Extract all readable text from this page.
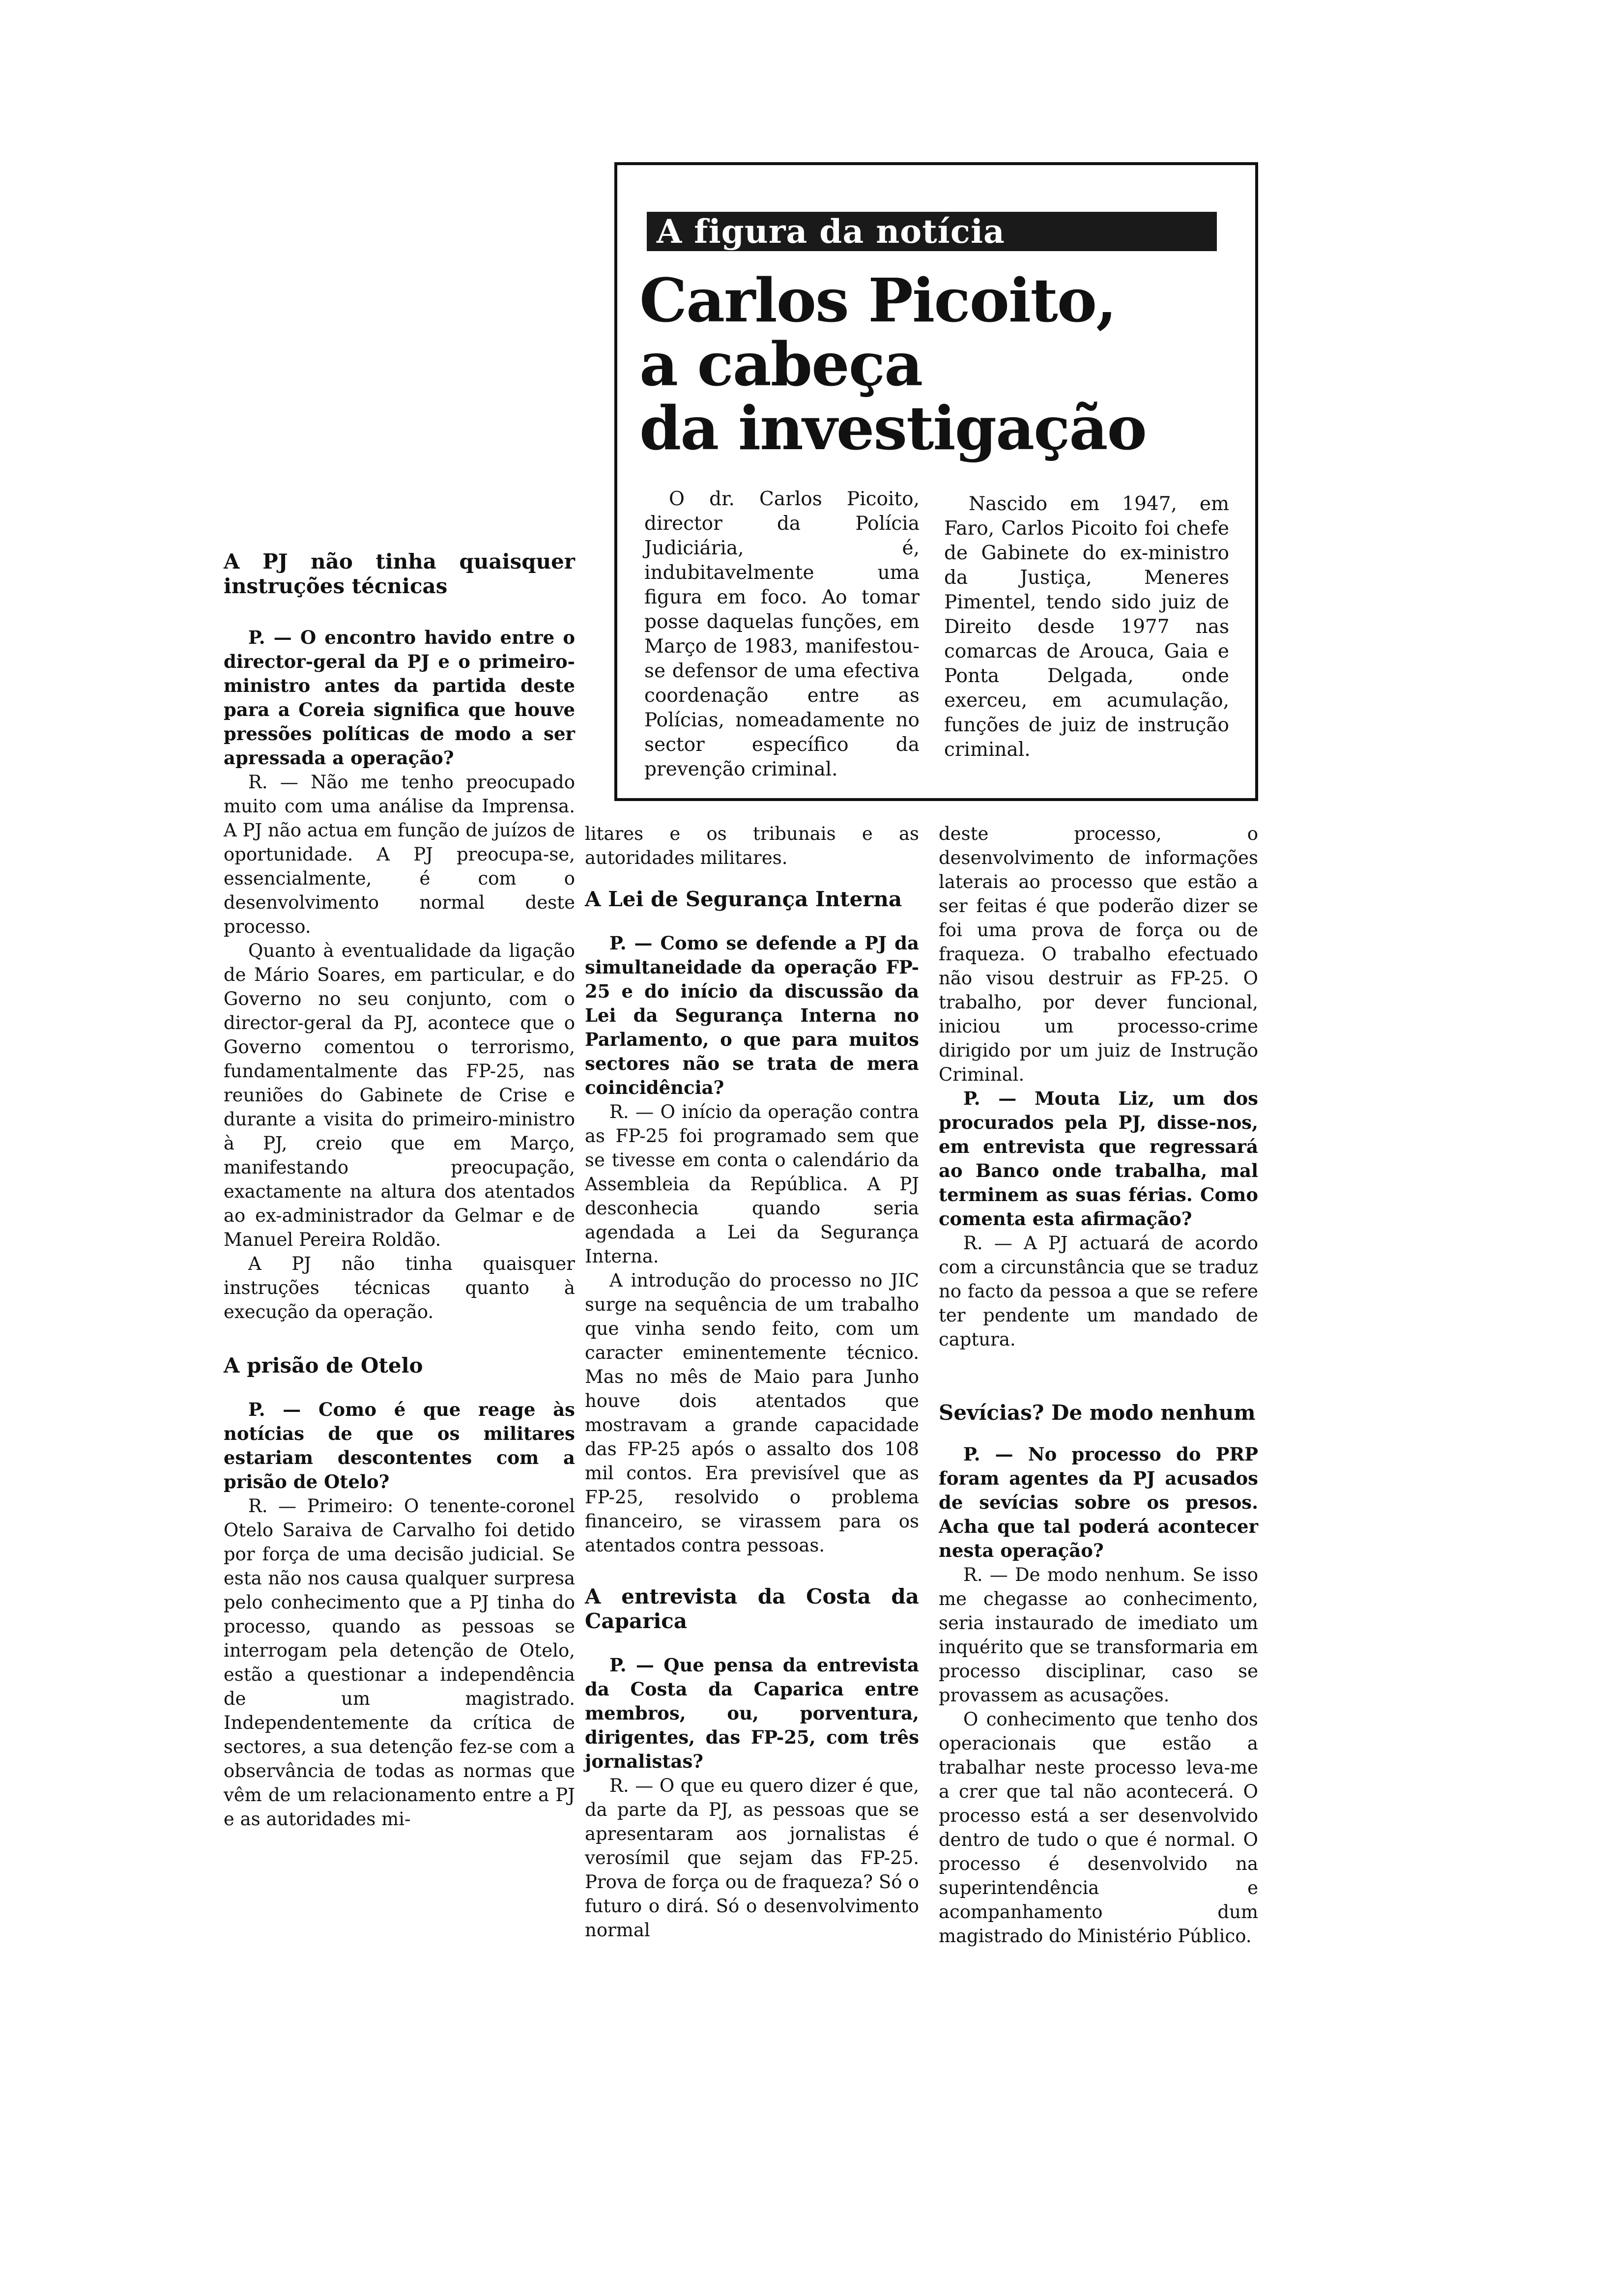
A figura da notícia
Carlos Picoito,
a cabeça
da investigação

O dr. Carlos Picoito, director da Polícia Judiciária, é, indubitavelmente uma figura em foco. Ao tomar posse daquelas funções, em Março de 1983, manifestou-se defensor de uma efectiva coordenação entre as Polícias, nomeadamente no sector específico da prevenção criminal.

Nascido em 1947, em Faro, Carlos Picoito foi chefe de Gabinete do ex-ministro da Justiça, Meneres Pimentel, tendo sido juiz de Direito desde 1977 nas comarcas de Arouca, Gaia e Ponta Delgada, onde exerceu, em acumulação, funções de juiz de instrução criminal.

A PJ não tinha quaisquer instruções técnicas

P. — O encontro havido entre o director-geral da PJ e o primeiro-ministro antes da partida deste para a Coreia significa que houve pressões políticas de modo a ser apressada a operação?

R. — Não me tenho preocupado muito com uma análise da Imprensa. A PJ não actua em função de juízos de oportunidade. A PJ preocupa-se, essencialmente, é com o desenvolvimento normal deste processo.

Quanto à eventualidade da ligação de Mário Soares, em particular, e do Governo no seu conjunto, com o director-geral da PJ, acontece que o Governo comentou o terrorismo, fundamentalmente das FP-25, nas reuniões do Gabinete de Crise e durante a visita do primeiro-ministro à PJ, creio que em Março, manifestando preocupação, exactamente na altura dos atentados ao ex-administrador da Gelmar e de Manuel Pereira Roldão.

A PJ não tinha quaisquer instruções técnicas quanto à execução da operação.

A prisão de Otelo

P. — Como é que reage às notícias de que os militares estariam descontentes com a prisão de Otelo?

R. — Primeiro: O tenente-coronel Otelo Saraiva de Carvalho foi detido por força de uma decisão judicial. Se esta não nos causa qualquer surpresa pelo conhecimento que a PJ tinha do processo, quando as pessoas se interrogam pela detenção de Otelo, estão a questionar a independência de um magistrado. Independentemente da crítica de sectores, a sua detenção fez-se com a observância de todas as normas que vêm de um relacionamento entre a PJ e as autoridades mi-

litares e os tribunais e as autoridades militares.

A Lei de Segurança Interna

P. — Como se defende a PJ da simultaneidade da operação FP-25 e do início da discussão da Lei da Segurança Interna no Parlamento, o que para muitos sectores não se trata de mera coincidência?

R. — O início da operação contra as FP-25 foi programado sem que se tivesse em conta o calendário da Assembleia da República. A PJ desconhecia quando seria agendada a Lei da Segurança Interna.

A introdução do processo no JIC surge na sequência de um trabalho que vinha sendo feito, com um caracter eminentemente técnico. Mas no mês de Maio para Junho houve dois atentados que mostravam a grande capacidade das FP-25 após o assalto dos 108 mil contos. Era previsível que as FP-25, resolvido o problema financeiro, se virassem para os atentados contra pessoas.

A entrevista da Costa da Caparica

P. — Que pensa da entrevista da Costa da Caparica entre membros, ou, porventura, dirigentes, das FP-25, com três jornalistas?

R. — O que eu quero dizer é que, da parte da PJ, as pessoas que se apresentaram aos jornalistas é verosímil que sejam das FP-25. Prova de força ou de fraqueza? Só o futuro o dirá. Só o desenvolvimento normal

deste processo, o desenvolvimento de informações laterais ao processo que estão a ser feitas é que poderão dizer se foi uma prova de força ou de fraqueza. O trabalho efectuado não visou destruir as FP-25. O trabalho, por dever funcional, iniciou um processo-crime dirigido por um juiz de Instrução Criminal.

P. — Mouta Liz, um dos procurados pela PJ, disse-nos, em entrevista que regressará ao Banco onde trabalha, mal terminem as suas férias. Como comenta esta afirmação?

R. — A PJ actuará de acordo com a circunstância que se traduz no facto da pessoa a que se refere ter pendente um mandado de captura.

Sevícias? De modo nenhum

P. — No processo do PRP foram agentes da PJ acusados de sevícias sobre os presos. Acha que tal poderá acontecer nesta operação?

R. — De modo nenhum. Se isso me chegasse ao conhecimento, seria instaurado de imediato um inquérito que se transformaria em processo disciplinar, caso se provassem as acusações.

O conhecimento que tenho dos operacionais que estão a trabalhar neste processo leva-me a crer que tal não acontecerá. O processo está a ser desenvolvido dentro de tudo o que é normal. O processo é desenvolvido na superintendência e acompanhamento dum magistrado do Ministério Público.
